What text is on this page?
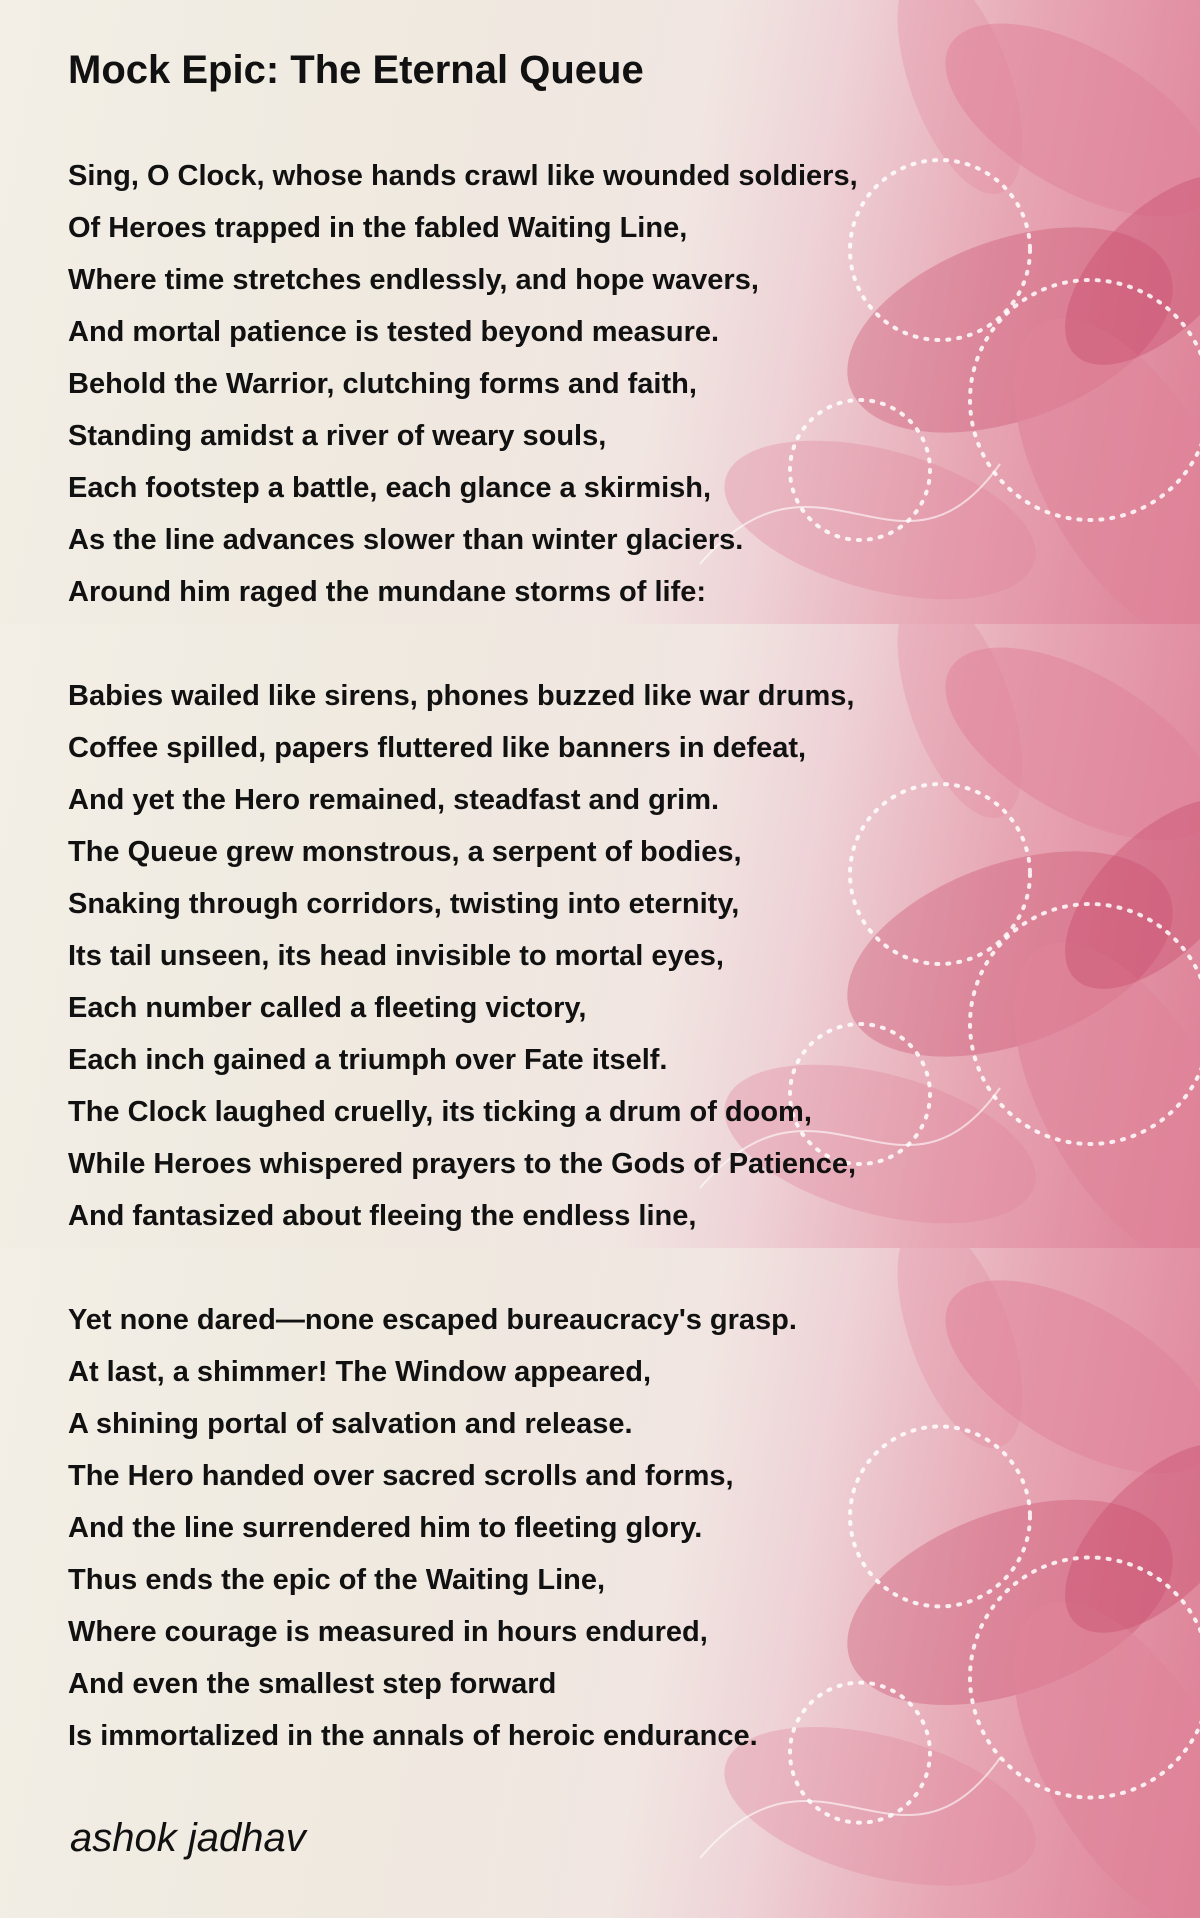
Mock Epic: The Eternal Queue
Sing, O Clock, whose hands crawl like wounded soldiers,
Of Heroes trapped in the fabled Waiting Line,
Where time stretches endlessly, and hope wavers,
And mortal patience is tested beyond measure.
Behold the Warrior, clutching forms and faith,
Standing amidst a river of weary souls,
Each footstep a battle, each glance a skirmish,
As the line advances slower than winter glaciers.
Around him raged the mundane storms of life:
Babies wailed like sirens, phones buzzed like war drums,
Coffee spilled, papers fluttered like banners in defeat,
And yet the Hero remained, steadfast and grim.
The Queue grew monstrous, a serpent of bodies,
Snaking through corridors, twisting into eternity,
Its tail unseen, its head invisible to mortal eyes,
Each number called a fleeting victory,
Each inch gained a triumph over Fate itself.
The Clock laughed cruelly, its ticking a drum of doom,
While Heroes whispered prayers to the Gods of Patience,
And fantasized about fleeing the endless line,
Yet none dared—none escaped bureaucracy's grasp.
At last, a shimmer! The Window appeared,
A shining portal of salvation and release.
The Hero handed over sacred scrolls and forms,
And the line surrendered him to fleeting glory.
Thus ends the epic of the Waiting Line,
Where courage is measured in hours endured,
And even the smallest step forward
Is immortalized in the annals of heroic endurance.

ashok jadhav
